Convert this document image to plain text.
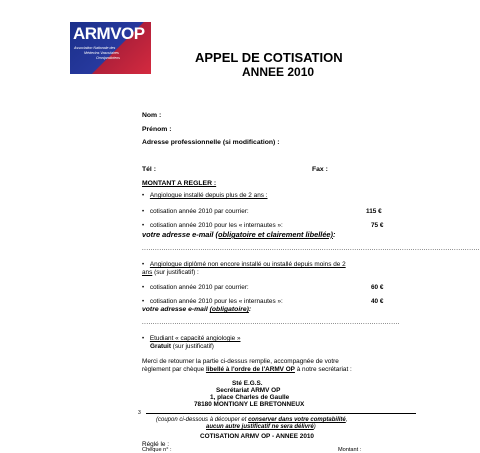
ARMVOP
Association Nationale des
Médecins Vasculaires
Omnipraticiens	APPEL DE COTISATION
ANNEE 2010
Nom :
Prénom :
Adresse professionnelle (si modification) :
Tél :	Fax :
MONTANT A REGLER :
• Angiologue installé depuis plus de 2 ans :
• cotisation année 2010 par courrier:	115 €
• cotisation année 2010 pour les « internautes »:	75 €
votre adresse e-mail (obligatoire et clairement libellée):
............................................................................................................................................................
• Angiologue diplômé non encore installé ou installé depuis moins de 2
ans (sur justificatif) :
• cotisation année 2010 par courrier:	60 €
• cotisation année 2010 pour les « internautes »:	40 €
votre adresse e-mail (obligatoire):
.......................................................................................................................
• Etudiant « capacité angiologie »
Gratuit (sur justificatif)
Merci de retourner la partie ci-dessus remplie, accompagnée de votre
règlement par chèque libellé à l'ordre de l'ARMV OP à notre secrétariat :
Sté E.G.S.
Secrétariat ARMV OP
1, place Charles de Gaulle
78180 MONTIGNY LE BRETONNEUX
3
(coupon ci-dessous à découper et conserver dans votre comptabilité,
aucun autre justificatif ne sera délivré)
COTISATION ARMV OP - ANNEE 2010
Réglé le :
Chèque n° :	Montant :
